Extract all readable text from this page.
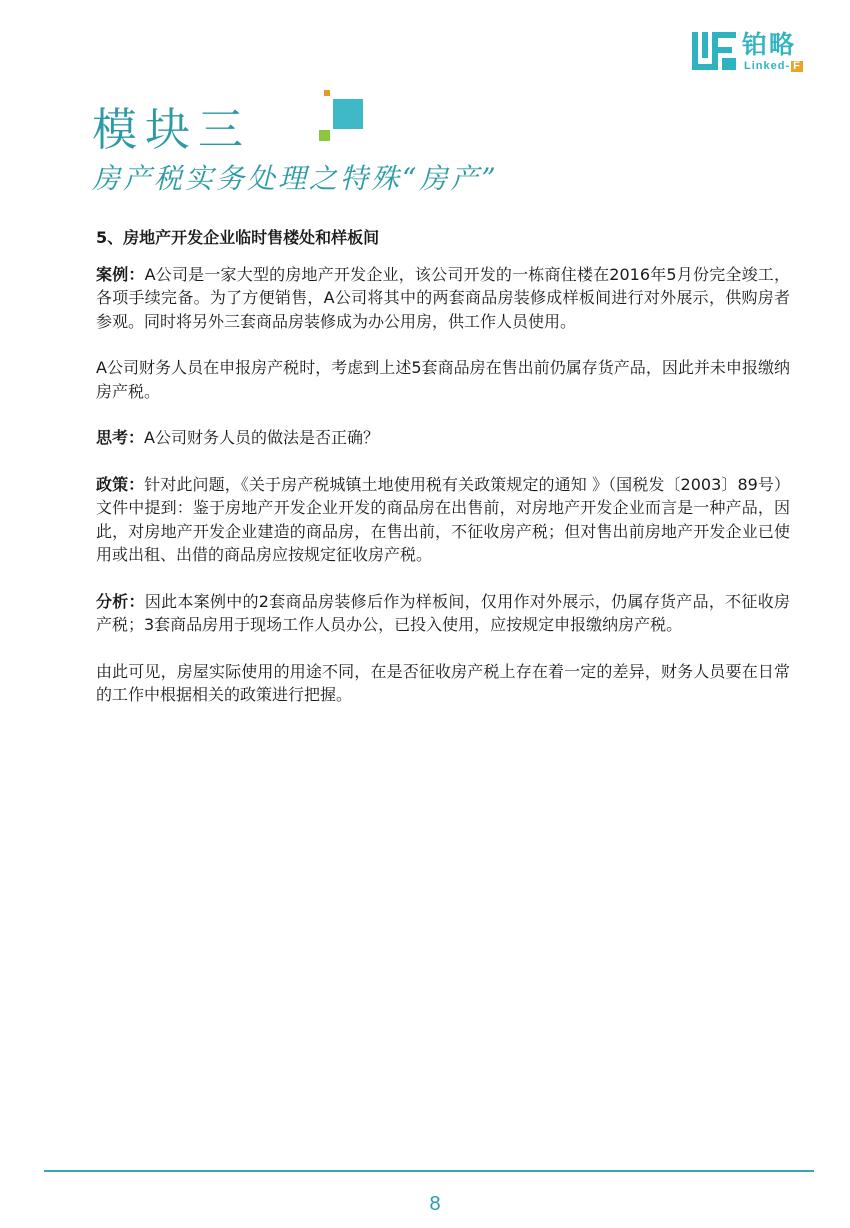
铂略
Linked- F
模块三
房产税实务处理之特殊“房产”
5、房地产开发企业临时售楼处和样板间

案例：A公司是一家大型的房地产开发企业，该公司开发的一栋商住楼在2016年5月份完全竣工，各项手续完备。为了方便销售，A公司将其中的两套商品房装修成样板间进行对外展示，供购房者参观。同时将另外三套商品房装修成为办公用房，供工作人员使用。

A公司财务人员在申报房产税时，考虑到上述5套商品房在售出前仍属存货产品，因此并未申报缴纳房产税。

思考：A公司财务人员的做法是否正确？

政策：针对此问题，《关于房产税城镇土地使用税有关政策规定的通知 》（国税发〔2003〕89号）文件中提到：鉴于房地产开发企业开发的商品房在出售前，对房地产开发企业而言是一种产品，因此，对房地产开发企业建造的商品房，在售出前，不征收房产税；但对售出前房地产开发企业已使用或出租、出借的商品房应按规定征收房产税。

分析：因此本案例中的2套商品房装修后作为样板间，仅用作对外展示，仍属存货产品，不征收房产税；3套商品房用于现场工作人员办公，已投入使用，应按规定申报缴纳房产税。

由此可见，房屋实际使用的用途不同，在是否征收房产税上存在着一定的差异，财务人员要在日常的工作中根据相关的政策进行把握。

8
